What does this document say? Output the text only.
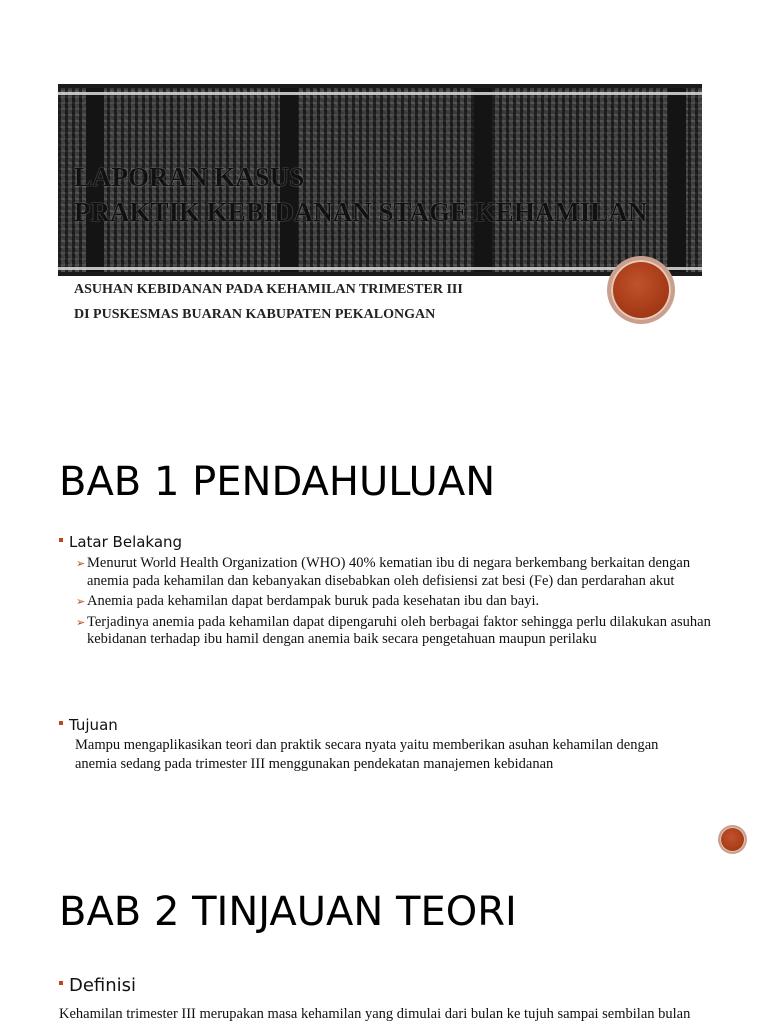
LAPORAN KASUS
PRAKTIK KEBIDANAN STAGE KEHAMILAN
ASUHAN KEBIDANAN PADA KEHAMILAN TRIMESTER III
DI PUSKESMAS BUARAN KABUPATEN PEKALONGAN
BAB 1 PENDAHULUAN
Latar Belakang
➢ Menurut World Health Organization (WHO) 40% kematian ibu di negara berkembang berkaitan dengan anemia pada kehamilan dan kebanyakan disebabkan oleh defisiensi zat besi (Fe) dan perdarahan akut
➢ Anemia pada kehamilan dapat berdampak buruk pada kesehatan ibu dan bayi.
➢ Terjadinya anemia pada kehamilan dapat dipengaruhi oleh berbagai faktor sehingga perlu dilakukan asuhan kebidanan terhadap ibu hamil dengan anemia baik secara pengetahuan maupun perilaku
Tujuan

Mampu mengaplikasikan teori dan praktik secara nyata yaitu memberikan asuhan kehamilan dengan anemia sedang pada trimester III menggunakan pendekatan manajemen kebidanan

BAB 2 TINJAUAN TEORI
Definisi

Kehamilan trimester III merupakan masa kehamilan yang dimulai dari bulan ke tujuh sampai sembilan bulan
